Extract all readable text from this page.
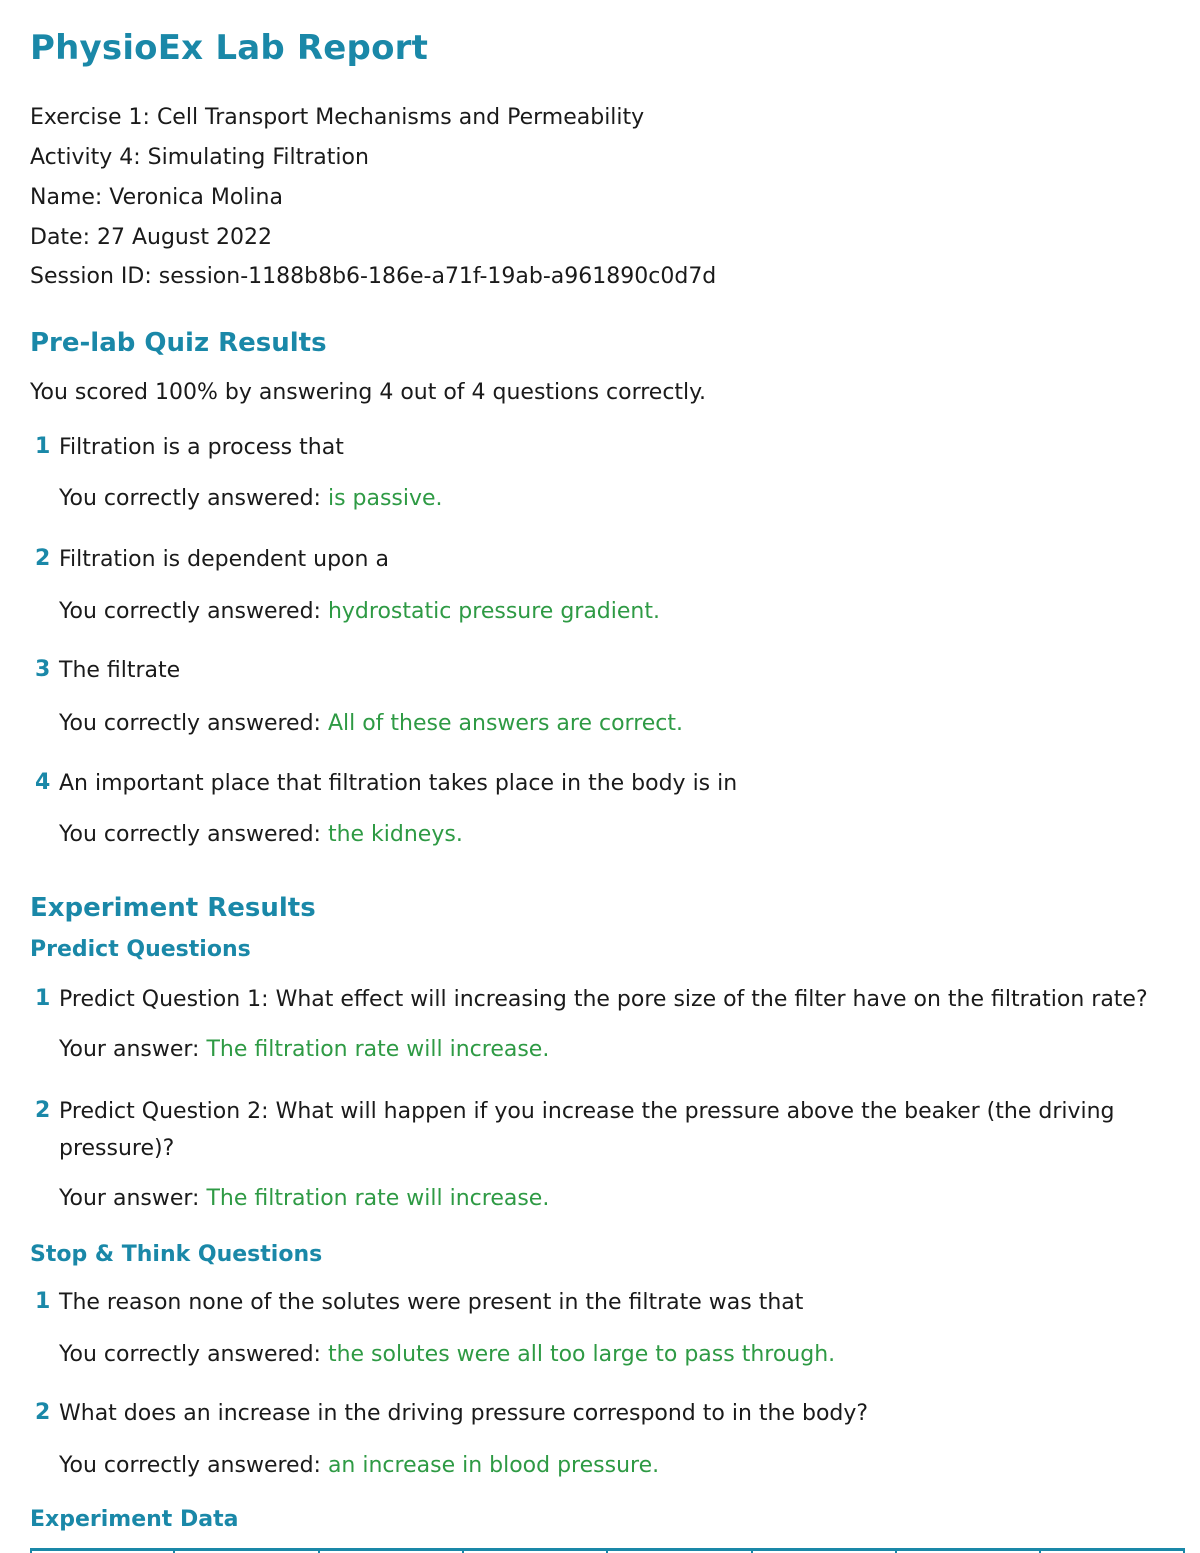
PhysioEx Lab Report
Exercise 1: Cell Transport Mechanisms and Permeability
Activity 4: Simulating Filtration
Name: Veronica Molina
Date: 27 August 2022
Session ID: session-1188b8b6-186e-a71f-19ab-a961890c0d7d
Pre-lab Quiz Results
You scored 100% by answering 4 out of 4 questions correctly.
1 Filtration is a process that
You correctly answered: is passive.
2 Filtration is dependent upon a
You correctly answered: hydrostatic pressure gradient.
3 The filtrate
You correctly answered: All of these answers are correct.
4 An important place that filtration takes place in the body is in
You correctly answered: the kidneys.
Experiment Results
Predict Questions
1 Predict Question 1: What effect will increasing the pore size of the filter have on the filtration rate?
Your answer: The filtration rate will increase.
2 Predict Question 2: What will happen if you increase the pressure above the beaker (the driving pressure)?
Your answer: The filtration rate will increase.
Stop & Think Questions
1 The reason none of the solutes were present in the filtrate was that
You correctly answered: the solutes were all too large to pass through.
2 What does an increase in the driving pressure correspond to in the body?
You correctly answered: an increase in blood pressure.
Experiment Data
